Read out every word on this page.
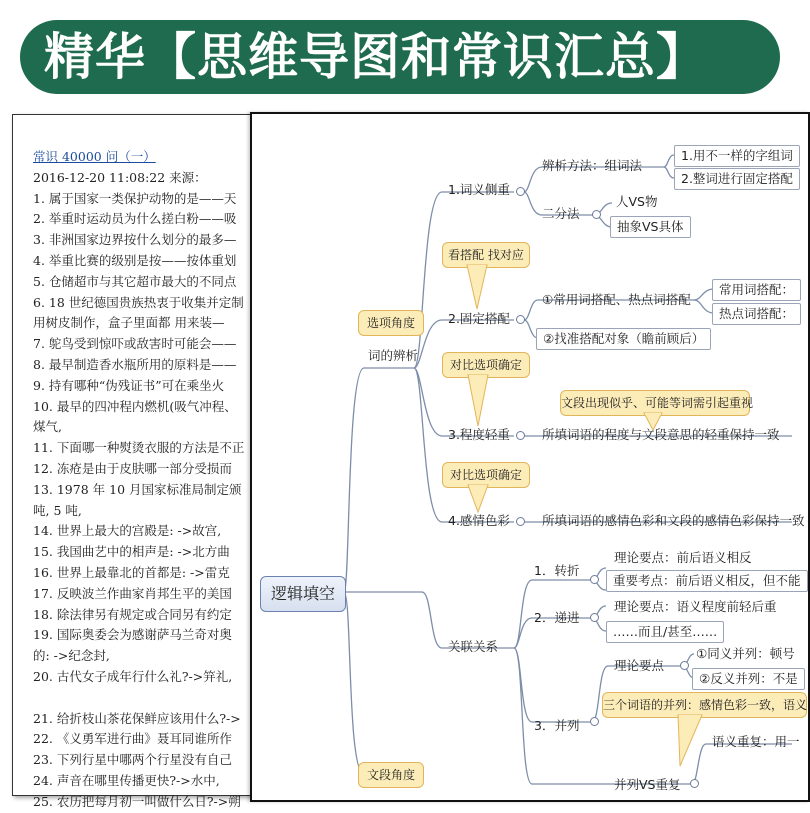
精华【思维导图和常识汇总】
常识 40000 问（一）
2016-12-20 11:08:22 来源：
1. 属于国家一类保护动物的是——天
2. 举重时运动员为什么搓白粉——吸
3. 非洲国家边界按什么划分的最多—
4. 举重比赛的级别是按——按体重划
5. 仓储超市与其它超市最大的不同点
6. 18 世纪德国贵族热衷于收集并定制
用树皮制作，盒子里面都 用来装—
7. 鸵鸟受到惊吓或敌害时可能会——
8. 最早制造香水瓶所用的原料是——
9. 持有哪种“伪残证书”可在乘坐火
10. 最早的四冲程内燃机(吸气冲程、
煤气,
11. 下面哪一种熨烫衣服的方法是不正
12. 冻疮是由于皮肤哪一部分受损而
13. 1978 年 10 月国家标准局制定颁
吨, 5 吨,
14. 世界上最大的宫殿是: ->故宫,
15. 我国曲艺中的相声是: ->北方曲
16. 世界上最靠北的首都是: ->雷克
17. 反映波兰作曲家肖邦生平的美国
18. 除法律另有规定或合同另有约定
19. 国际奥委会为感谢萨马兰奇对奥
的: ->纪念封,
20. 古代女子成年行什么礼?->笄礼,
21. 给折枝山茶花保鲜应该用什么?->
22. 《义勇军进行曲》聂耳同谁所作
23. 下列行星中哪两个行星没有自己
24. 声音在哪里传播更快?->水中,
25. 农历把每月初一叫做什么日?->朔
逻辑填空
选项角度
文段角度
词的辨析
1.词义侧重
辨析方法：组词法
1.用不一样的字组词
2.整词进行固定搭配
二分法
人VS物
抽象VS具体
看搭配 找对应
2.固定搭配
①常用词搭配、热点词搭配
常用词搭配：
热点词搭配：
②找准搭配对象（瞻前顾后）
对比选项确定
文段出现似乎、可能等词需引起重视
3.程度轻重	所填词语的程度与文段意思的轻重保持一致
对比选项确定
4.感情色彩	所填词语的感情色彩和文段的感情色彩保持一致
关联关系
1．转折
理论要点：前后语义相反
重要考点：前后语义相反，但不能
2．递进
理论要点：语义程度前轻后重
……而且/甚至……
理论要点
①同义并列：顿号
②反义并列：不是
三个词语的并列：感情色彩一致，语义
3．并列
语义重复：用一
并列VS重复
